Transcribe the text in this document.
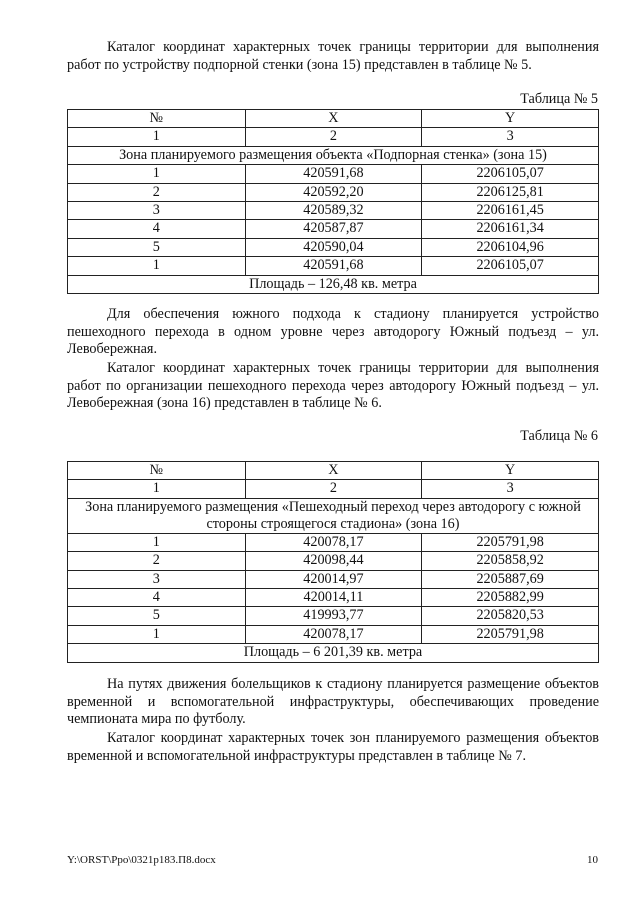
Каталог координат характерных точек границы территории для выполнения работ по устройству подпорной стенки (зона 15) представлен в таблице № 5.

Таблица № 5
№	X	Y
1	2	3
Зона планируемого размещения объекта «Подпорная стенка» (зона 15)		
1	420591,68	2206105,07
2	420592,20	2206125,81
3	420589,32	2206161,45
4	420587,87	2206161,34
5	420590,04	2206104,96
1	420591,68	2206105,07
Площадь – 126,48 кв. метра		

Для обеспечения южного подхода к стадиону планируется устройство пешеходного перехода в одном уровне через автодорогу Южный подъезд – ул. Левобережная.

Каталог координат характерных точек границы территории для выполнения работ по организации пешеходного перехода через автодорогу Южный подъезд – ул. Левобережная (зона 16) представлен в таблице № 6.

Таблица № 6
№	X	Y
1	2	3
Зона планируемого размещения «Пешеходный переход через автодорогу с южной стороны строящегося стадиона» (зона 16)		
1	420078,17	2205791,98
2	420098,44	2205858,92
3	420014,97	2205887,69
4	420014,11	2205882,99
5	419993,77	2205820,53
1	420078,17	2205791,98
Площадь – 6 201,39 кв. метра		

На путях движения болельщиков к стадиону планируется размещение объектов временной и вспомогательной инфраструктуры, обеспечивающих проведение чемпионата мира по футболу.

Каталог координат характерных точек зон планируемого размещения объектов временной и вспомогательной инфраструктуры представлен в таблице № 7.

Y:\ORST\Ppo\0321p183.П8.docx	10
